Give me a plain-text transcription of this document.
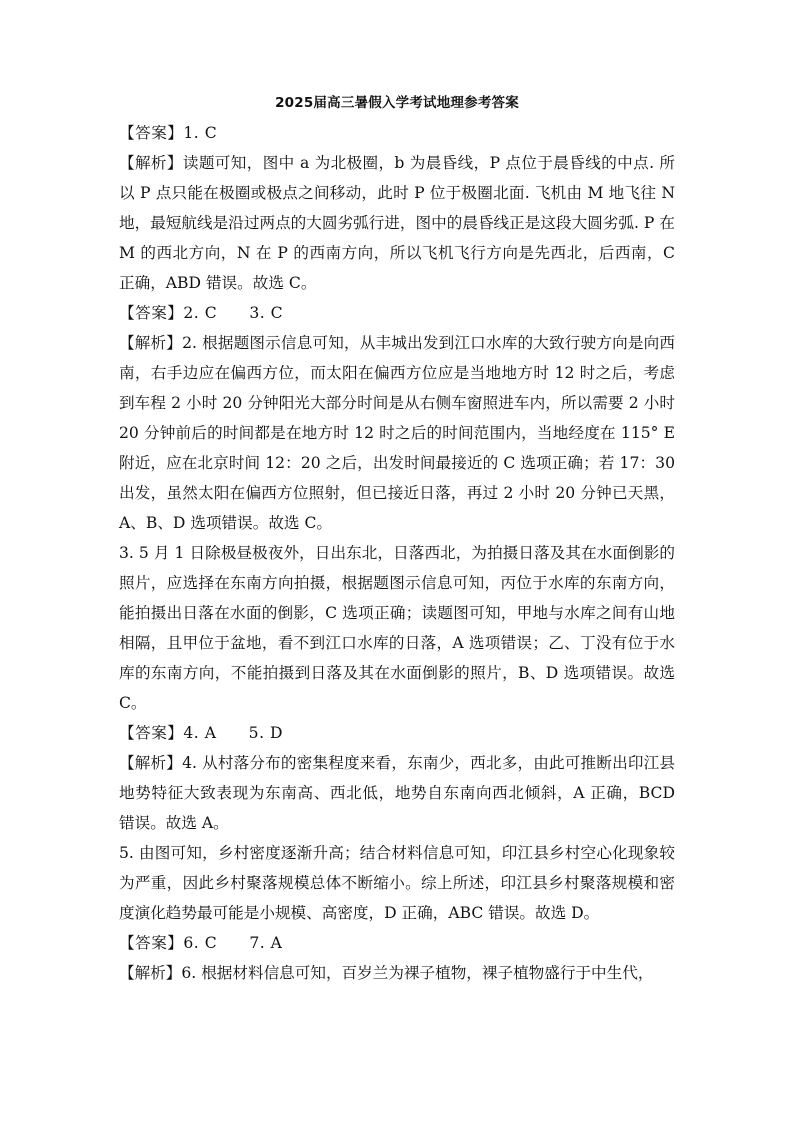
2025届高三暑假入学考试地理参考答案

【答案】1. C

【解析】读题可知，图中 a 为北极圈，b 为晨昏线，P 点位于晨昏线的中点. 所以 P 点只能在极圈或极点之间移动，此时 P 位于极圈北面. 飞机由 M 地飞往 N 地，最短航线是沿过两点的大圆劣弧行进，图中的晨昏线正是这段大圆劣弧. P 在 M 的西北方向，N 在 P 的西南方向，所以飞机飞行方向是先西北，后西南，C 正确，ABD 错误。故选 C。

【答案】2. C　　3. C

【解析】2. 根据题图示信息可知，从丰城出发到江口水库的大致行驶方向是向西南，右手边应在偏西方位，而太阳在偏西方位应是当地地方时 12 时之后，考虑到车程 2 小时 20 分钟阳光大部分时间是从右侧车窗照进车内，所以需要 2 小时 20 分钟前后的时间都是在地方时 12 时之后的时间范围内，当地经度在 115° E 附近，应在北京时间 12：20 之后，出发时间最接近的 C 选项正确；若 17：30 出发，虽然太阳在偏西方位照射，但已接近日落，再过 2 小时 20 分钟已天黑，A、B、D 选项错误。故选 C。

3. 5 月 1 日除极昼极夜外，日出东北，日落西北，为拍摄日落及其在水面倒影的照片，应选择在东南方向拍摄，根据题图示信息可知，丙位于水库的东南方向，能拍摄出日落在水面的倒影，C 选项正确；读题图可知，甲地与水库之间有山地相隔，且甲位于盆地，看不到江口水库的日落，A 选项错误；乙、丁没有位于水库的东南方向，不能拍摄到日落及其在水面倒影的照片，B、D 选项错误。故选 C。

【答案】4. A　　5. D

【解析】4. 从村落分布的密集程度来看，东南少，西北多，由此可推断出印江县地势特征大致表现为东南高、西北低，地势自东南向西北倾斜，A 正确，BCD 错误。故选 A。

5. 由图可知，乡村密度逐渐升高；结合材料信息可知，印江县乡村空心化现象较为严重，因此乡村聚落规模总体不断缩小。综上所述，印江县乡村聚落规模和密度演化趋势最可能是小规模、高密度，D 正确，ABC 错误。故选 D。

【答案】6. C　　7. A

【解析】6. 根据材料信息可知，百岁兰为裸子植物，裸子植物盛行于中生代，
